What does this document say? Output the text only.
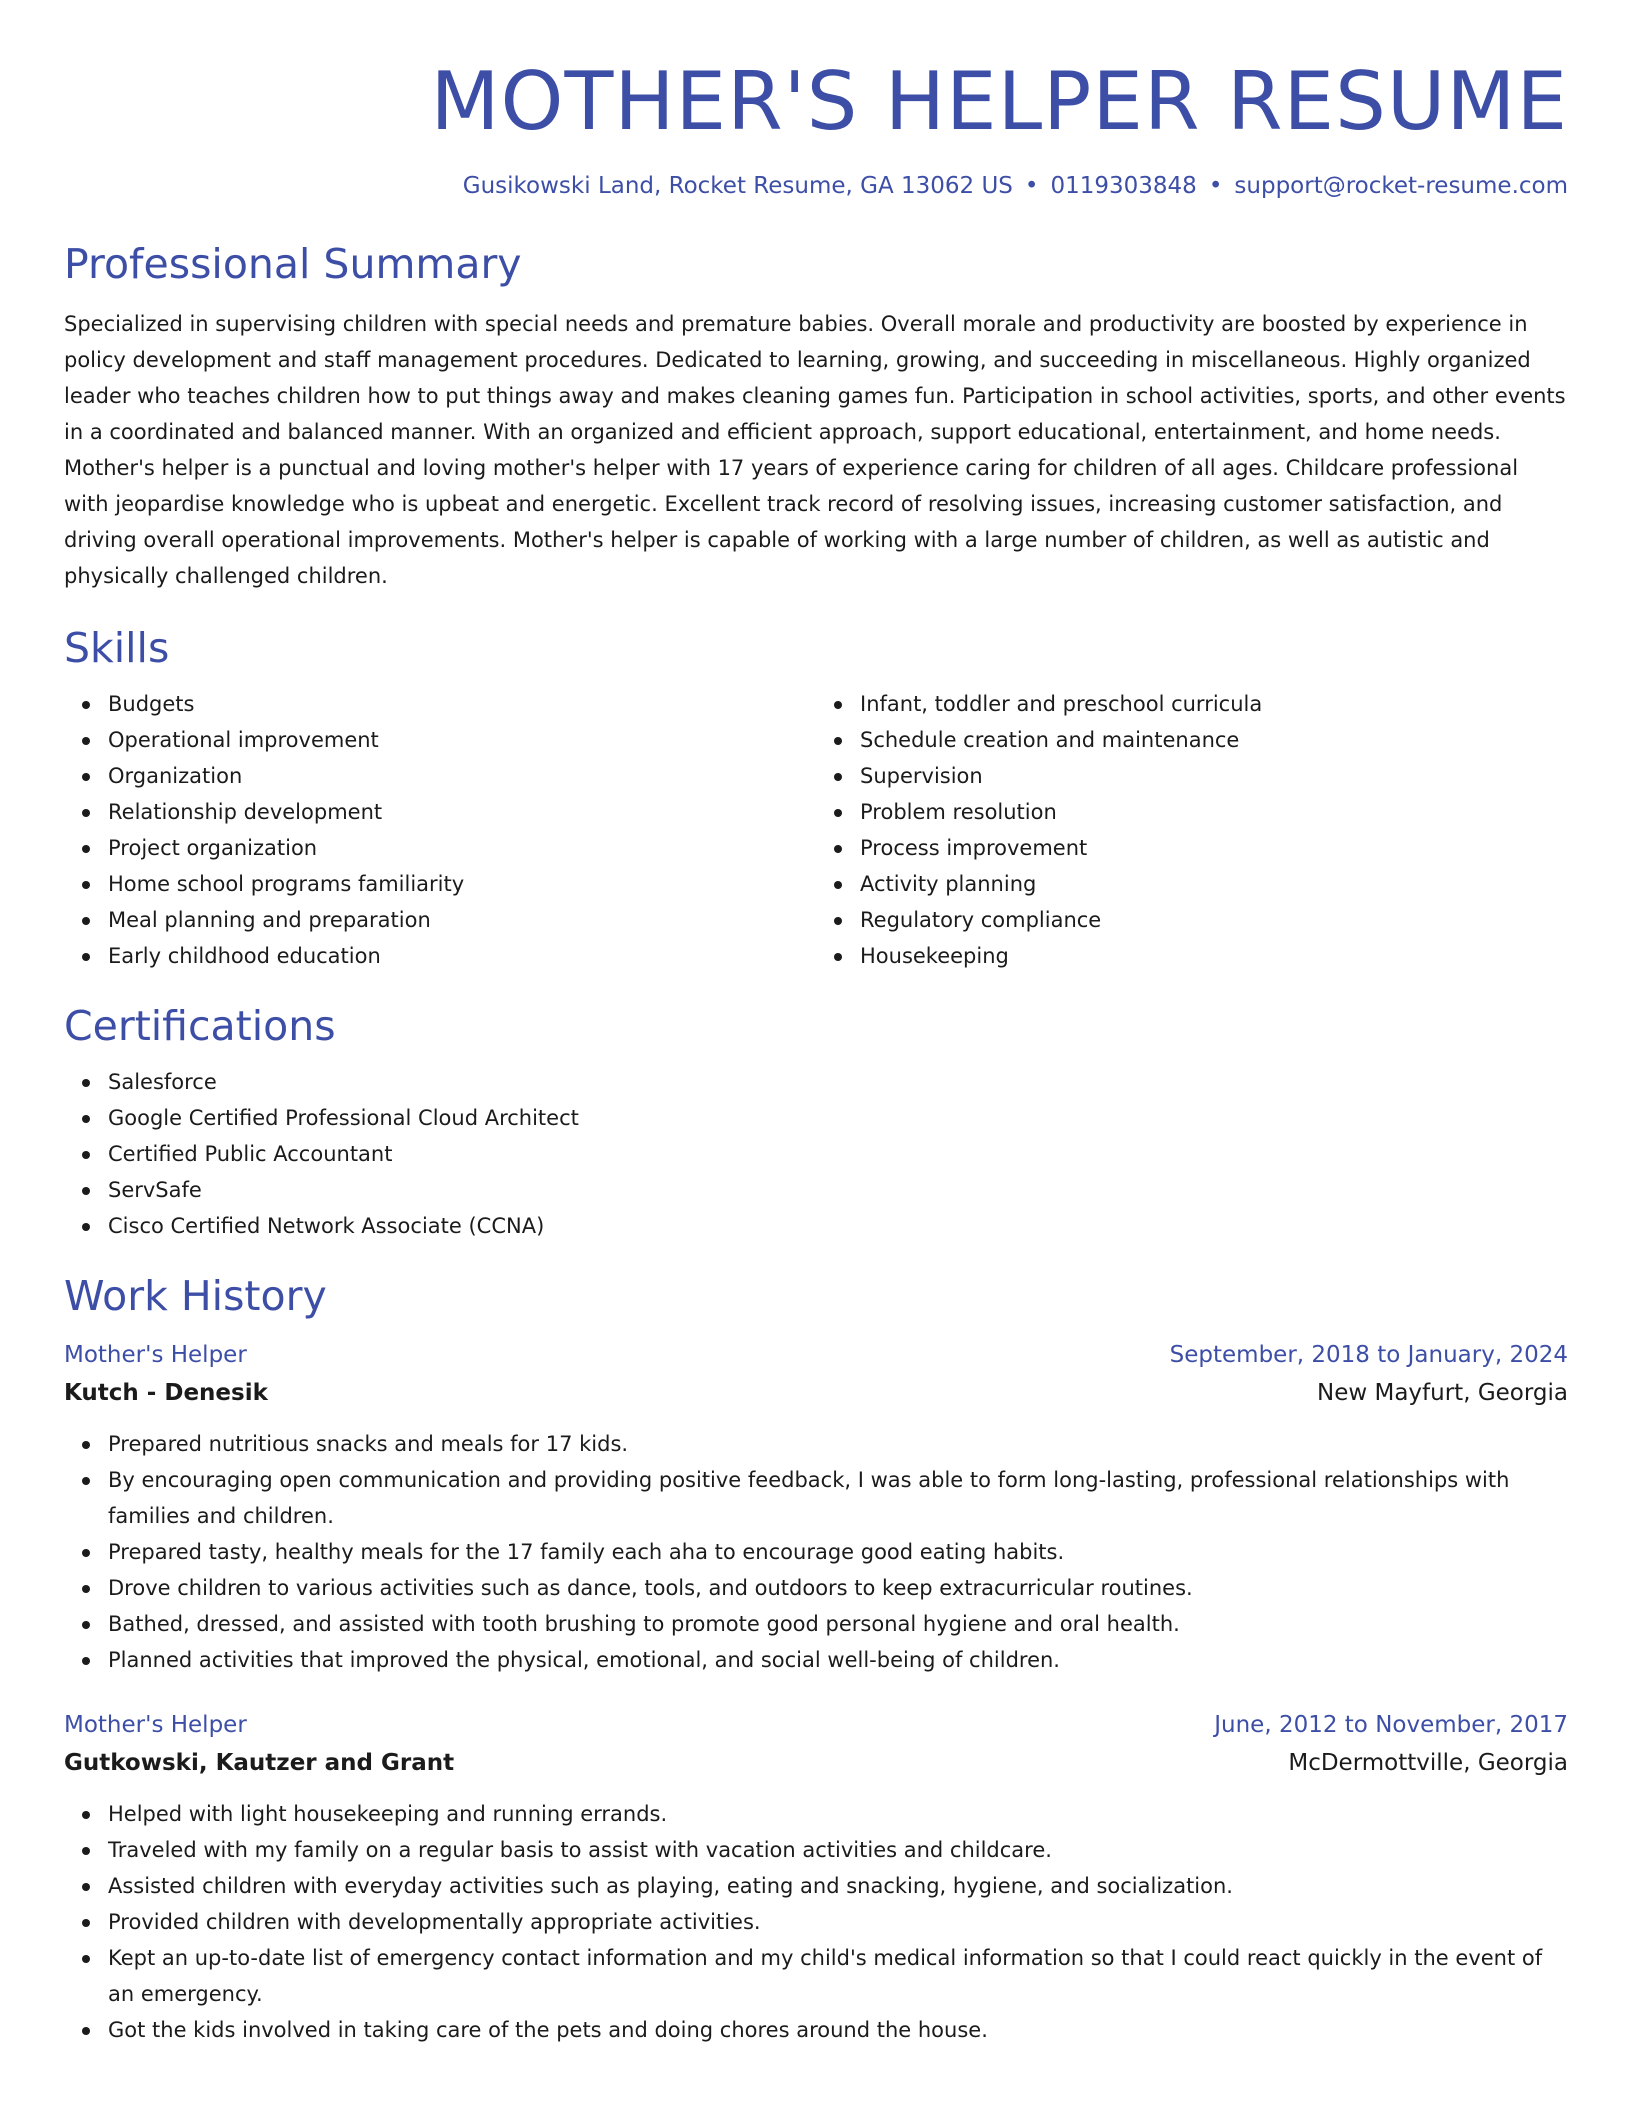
MOTHER'S HELPER RESUME
Gusikowski Land, Rocket Resume, GA 13062 US • 0119303848 • support@rocket-resume.com
Professional Summary

Specialized in supervising children with special needs and premature babies. Overall morale and productivity are boosted by experience in policy development and staff management procedures. Dedicated to learning, growing, and succeeding in miscellaneous. Highly organized leader who teaches children how to put things away and makes cleaning games fun. Participation in school activities, sports, and other events in a coordinated and balanced manner. With an organized and efficient approach, support educational, entertainment, and home needs. Mother's helper is a punctual and loving mother's helper with 17 years of experience caring for children of all ages. Childcare professional with jeopardise knowledge who is upbeat and energetic. Excellent track record of resolving issues, increasing customer satisfaction, and driving overall operational improvements. Mother's helper is capable of working with a large number of children, as well as autistic and physically challenged children.

Skills
Budgets
Operational improvement
Organization
Relationship development
Project organization
Home school programs familiarity
Meal planning and preparation
Early childhood education
Infant, toddler and preschool curricula
Schedule creation and maintenance
Supervision
Problem resolution
Process improvement
Activity planning
Regulatory compliance
Housekeeping
Certifications
Salesforce
Google Certified Professional Cloud Architect
Certified Public Accountant
ServSafe
Cisco Certified Network Associate (CCNA)
Work History
Mother's Helper	September, 2018 to January, 2024
Kutch - Denesik	New Mayfurt, Georgia
Prepared nutritious snacks and meals for 17 kids.
By encouraging open communication and providing positive feedback, I was able to form long-lasting, professional relationships with families and children.
Prepared tasty, healthy meals for the 17 family each aha to encourage good eating habits.
Drove children to various activities such as dance, tools, and outdoors to keep extracurricular routines.
Bathed, dressed, and assisted with tooth brushing to promote good personal hygiene and oral health.
Planned activities that improved the physical, emotional, and social well-being of children.
Mother's Helper	June, 2012 to November, 2017
Gutkowski, Kautzer and Grant	McDermottville, Georgia
Helped with light housekeeping and running errands.
Traveled with my family on a regular basis to assist with vacation activities and childcare.
Assisted children with everyday activities such as playing, eating and snacking, hygiene, and socialization.
Provided children with developmentally appropriate activities.
Kept an up-to-date list of emergency contact information and my child's medical information so that I could react quickly in the event of an emergency.
Got the kids involved in taking care of the pets and doing chores around the house.
